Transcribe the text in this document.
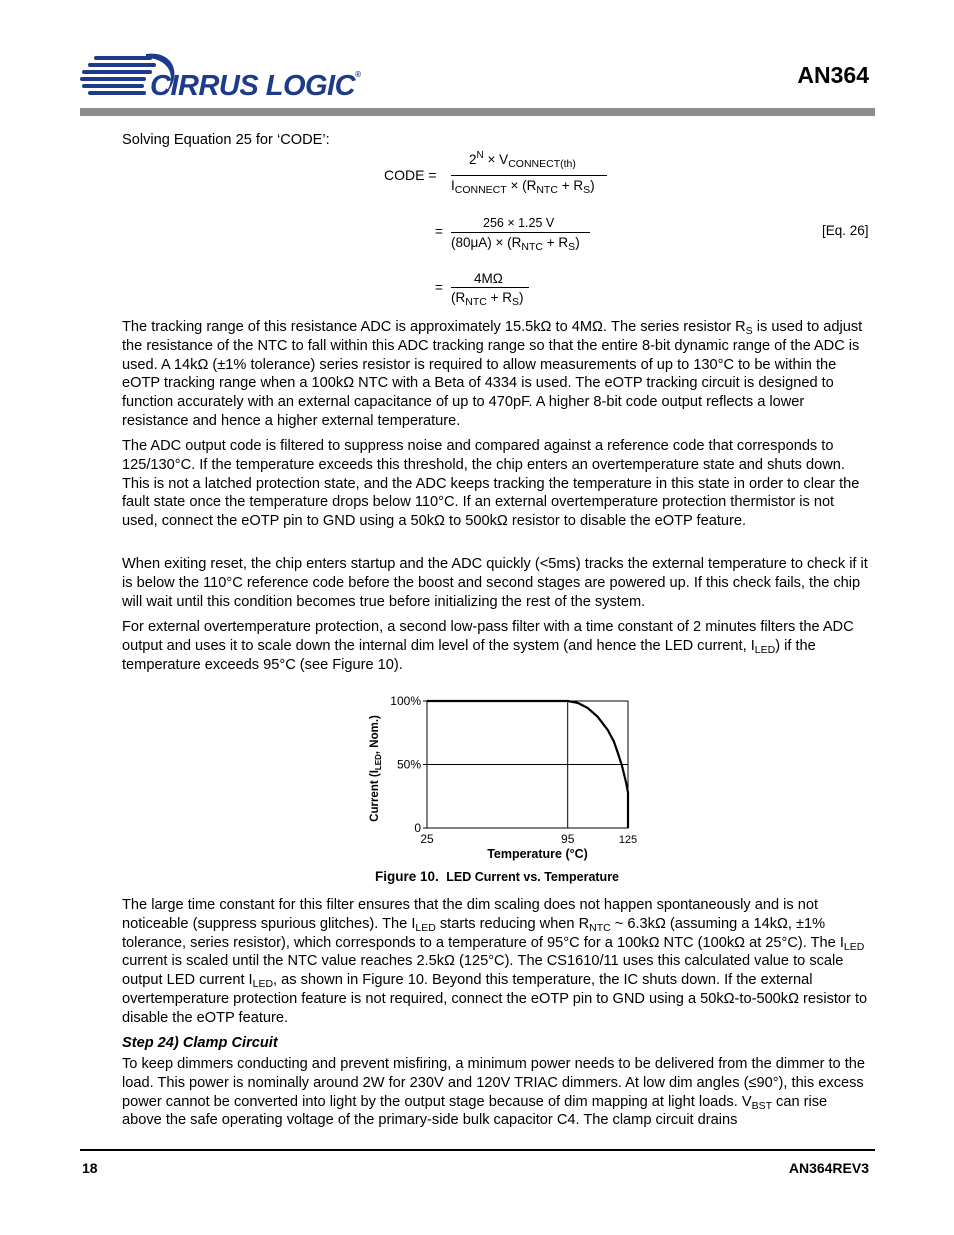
CIRRUS LOGIC®	AN364
Solving Equation 25 for ‘CODE’:
CODE =
$2^N \times V_{CONNECT(th)}$
$I_{CONNECT} \times (R_{NTC} + R_S)$
=
256 × 1.25 V
$(80\mu A) \times (R_{NTC} + R_S)$
[Eq. 26]
=
4MΩ
$(R_{NTC} + R_S)$
The tracking range of this resistance ADC is approximately 15.5kΩ to 4MΩ. The series resistor $R_S$ is used to adjust the resistance of the NTC to fall within this ADC tracking range so that the entire 8-bit dynamic range of the ADC is used. A 14kΩ (±1% tolerance) series resistor is required to allow measurements of up to 130°C to be within the eOTP tracking range when a 100kΩ NTC with a Beta of 4334 is used. The eOTP tracking circuit is designed to function accurately with an external capacitance of up to 470pF. A higher 8-bit code output reflects a lower resistance and hence a higher external temperature.
The ADC output code is filtered to suppress noise and compared against a reference code that corresponds to 125/130°C. If the temperature exceeds this threshold, the chip enters an overtemperature state and shuts down. This is not a latched protection state, and the ADC keeps tracking the temperature in this state in order to clear the fault state once the temperature drops below 110°C. If an external overtemperature protection thermistor is not used, connect the eOTP pin to GND using a 50kΩ to 500kΩ resistor to disable the eOTP feature.
When exiting reset, the chip enters startup and the ADC quickly (<5ms) tracks the external temperature to check if it is below the 110°C reference code before the boost and second stages are powered up. If this check fails, the chip will wait until this condition becomes true before initializing the rest of the system.
For external overtemperature protection, a second low-pass filter with a time constant of 2 minutes filters the ADC output and uses it to scale down the internal dim level of the system (and hence the LED current, $I_{LED}$) if the temperature exceeds 95°C (see Figure 10).
0
50%
100%
25	95	125
Temperature (°C)
Current ($I_{LED}$, Nom.)
Figure 10. LED Current vs. Temperature
The large time constant for this filter ensures that the dim scaling does not happen spontaneously and is not noticeable (suppress spurious glitches). The $I_{LED}$ starts reducing when $R_{NTC}$ ~ 6.3kΩ (assuming a 14kΩ, ±1% tolerance, series resistor), which corresponds to a temperature of 95°C for a 100kΩ NTC (100kΩ at 25°C). The $I_{LED}$ current is scaled until the NTC value reaches 2.5kΩ (125°C). The CS1610/11 uses this calculated value to scale output LED current $I_{LED}$, as shown in Figure 10. Beyond this temperature, the IC shuts down. If the external overtemperature protection feature is not required, connect the eOTP pin to GND using a 50kΩ-to-500kΩ resistor to disable the eOTP feature.
Step 24) Clamp Circuit
To keep dimmers conducting and prevent misfiring, a minimum power needs to be delivered from the dimmer to the load. This power is nominally around 2W for 230V and 120V TRIAC dimmers. At low dim angles (≤90°), this excess power cannot be converted into light by the output stage because of dim mapping at light loads. $V_{BST}$ can rise above the safe operating voltage of the primary-side bulk capacitor C4. The clamp circuit drains
18	AN364REV3
